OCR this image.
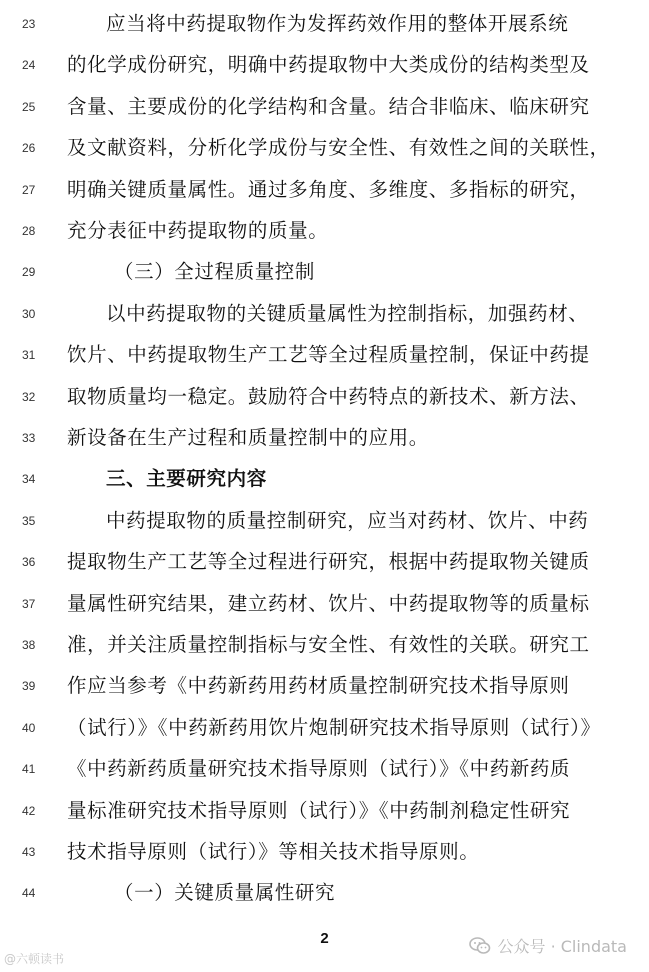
23	应当将中药提取物作为发挥药效作用的整体开展系统
24 的化学成份研究，明确中药提取物中大类成份的结构类型及
25 含量、主要成份的化学结构和含量。结合非临床、临床研究
26 及文献资料，分析化学成份与安全性、有效性之间的关联性，
27 明确关键质量属性。通过多角度、多维度、多指标的研究，
28 充分表征中药提取物的质量。
29	（三）全过程质量控制
30	以中药提取物的关键质量属性为控制指标，加强药材、
31 饮片、中药提取物生产工艺等全过程质量控制，保证中药提
32 取物质量均一稳定。鼓励符合中药特点的新技术、新方法、
33 新设备在生产过程和质量控制中的应用。
34	三、主要研究内容
35	中药提取物的质量控制研究，应当对药材、饮片、中药
36 提取物生产工艺等全过程进行研究，根据中药提取物关键质
37 量属性研究结果，建立药材、饮片、中药提取物等的质量标
38 准，并关注质量控制指标与安全性、有效性的关联。研究工
39 作应当参考《中药新药用药材质量控制研究技术指导原则
40 （试行）》《中药新药用饮片炮制研究技术指导原则（试行）》
41 《中药新药质量研究技术指导原则（试行）》《中药新药质
42 量标准研究技术指导原则（试行）》《中药制剂稳定性研究
43 技术指导原则（试行）》等相关技术指导原则。
44	（一）关键质量属性研究
2
@六顿读书
公众号 · Clindata
